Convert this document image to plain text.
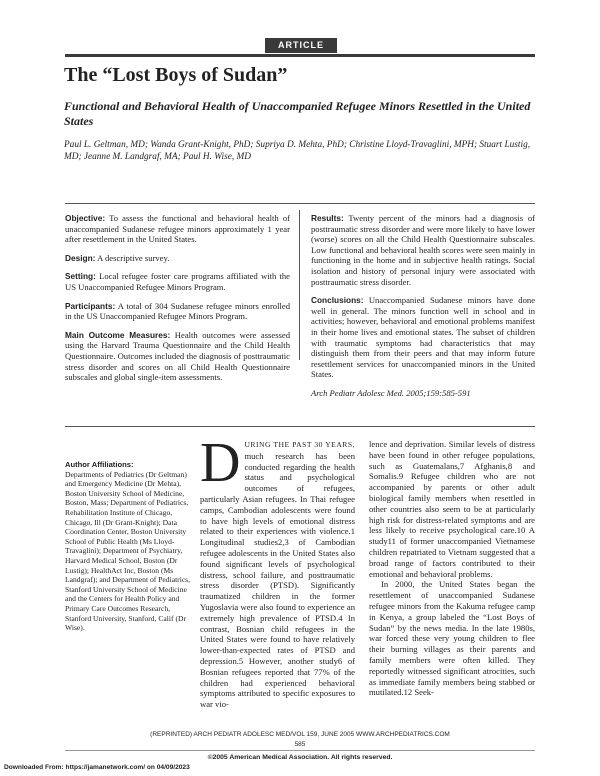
ARTICLE
The “Lost Boys of Sudan”
Functional and Behavioral Health of Unaccompanied Refugee Minors Resettled in the United States
Paul L. Geltman, MD; Wanda Grant-Knight, PhD; Supriya D. Mehta, PhD; Christine Lloyd-Travaglini, MPH; Stuart Lustig, MD; Jeanne M. Landgraf, MA; Paul H. Wise, MD

Objective: To assess the functional and behavioral health of unaccompanied Sudanese refugee minors approximately 1 year after resettlement in the United States.

Design: A descriptive survey.

Setting: Local refugee foster care programs affiliated with the US Unaccompanied Refugee Minors Program.

Participants: A total of 304 Sudanese refugee minors enrolled in the US Unaccompanied Refugee Minors Program.

Main Outcome Measures: Health outcomes were assessed using the Harvard Trauma Questionnaire and the Child Health Questionnaire. Outcomes included the diagnosis of posttraumatic stress disorder and scores on all Child Health Questionnaire subscales and global single-item assessments.

Results: Twenty percent of the minors had a diagnosis of posttraumatic stress disorder and were more likely to have lower (worse) scores on all the Child Health Questionnaire subscales. Low functional and behavioral health scores were seen mainly in functioning in the home and in subjective health ratings. Social isolation and history of personal injury were associated with posttraumatic stress disorder.

Conclusions: Unaccompanied Sudanese minors have done well in general. The minors function well in school and in activities; however, behavioral and emotional problems manifest in their home lives and emotional states. The subset of children with traumatic symptoms had characteristics that may distinguish them from their peers and that may inform future resettlement services for unaccompanied minors in the United States.

Arch Pediatr Adolesc Med. 2005;159:585-591

Author Affiliations:
Departments of Pediatrics (Dr Geltman) and Emergency Medicine (Dr Mehta), Boston University School of Medicine, Boston, Mass; Department of Pediatrics, Rehabilitation Institute of Chicago, Chicago, Ill (Dr Grant-Knight); Data Coordination Center, Boston University School of Public Health (Ms Lloyd-Travaglini); Department of Psychiatry, Harvard Medical School, Boston (Dr Lustig); HealthAct Inc, Boston (Ms Landgraf); and Department of Pediatrics, Stanford University School of Medicine and the Centers for Health Policy and Primary Care Outcomes Research, Stanford University, Stanford, Calif (Dr Wise).

DURING THE PAST 30 YEARS, much research has been conducted regarding the health status and psychological outcomes of refugees, particularly Asian refugees. In Thai refugee camps, Cambodian adolescents were found to have high levels of emotional distress related to their experiences with violence.1 Longitudinal studies2,3 of Cambodian refugee adolescents in the United States also found significant levels of psychological distress, school failure, and posttraumatic stress disorder (PTSD). Significantly traumatized children in the former Yugoslavia were also found to experience an extremely high prevalence of PTSD.4 In contrast, Bosnian child refugees in the United States were found to have relatively lower-than-expected rates of PTSD and depression.5 However, another study6 of Bosnian refugees reported that 77% of the children had experienced behavioral symptoms attributed to specific exposures to war vio-

lence and deprivation. Similar levels of distress have been found in other refugee populations, such as Guatemalans,7 Afghanis,8 and Somalis.9 Refugee children who are not accompanied by parents or other adult biological family members when resettled in other countries also seem to be at particularly high risk for distress-related symptoms and are less likely to receive psychological care.10 A study11 of former unaccompanied Vietnamese children repatriated to Vietnam suggested that a broad range of factors contributed to their emotional and behavioral problems.

In 2000, the United States began the resettlement of unaccompanied Sudanese refugee minors from the Kakuma refugee camp in Kenya, a group labeled the “Lost Boys of Sudan” by the news media. In the late 1980s, war forced these very young children to flee their burning villages as their parents and family members were often killed. They reportedly witnessed significant atrocities, such as immediate family members being stabbed or mutilated.12 Seek-

(REPRINTED) ARCH PEDIATR ADOLESC MED/VOL 159, JUNE 2005 WWW.ARCHPEDIATRICS.COM
585
©2005 American Medical Association. All rights reserved.
Downloaded From: https://jamanetwork.com/ on 04/09/2023
